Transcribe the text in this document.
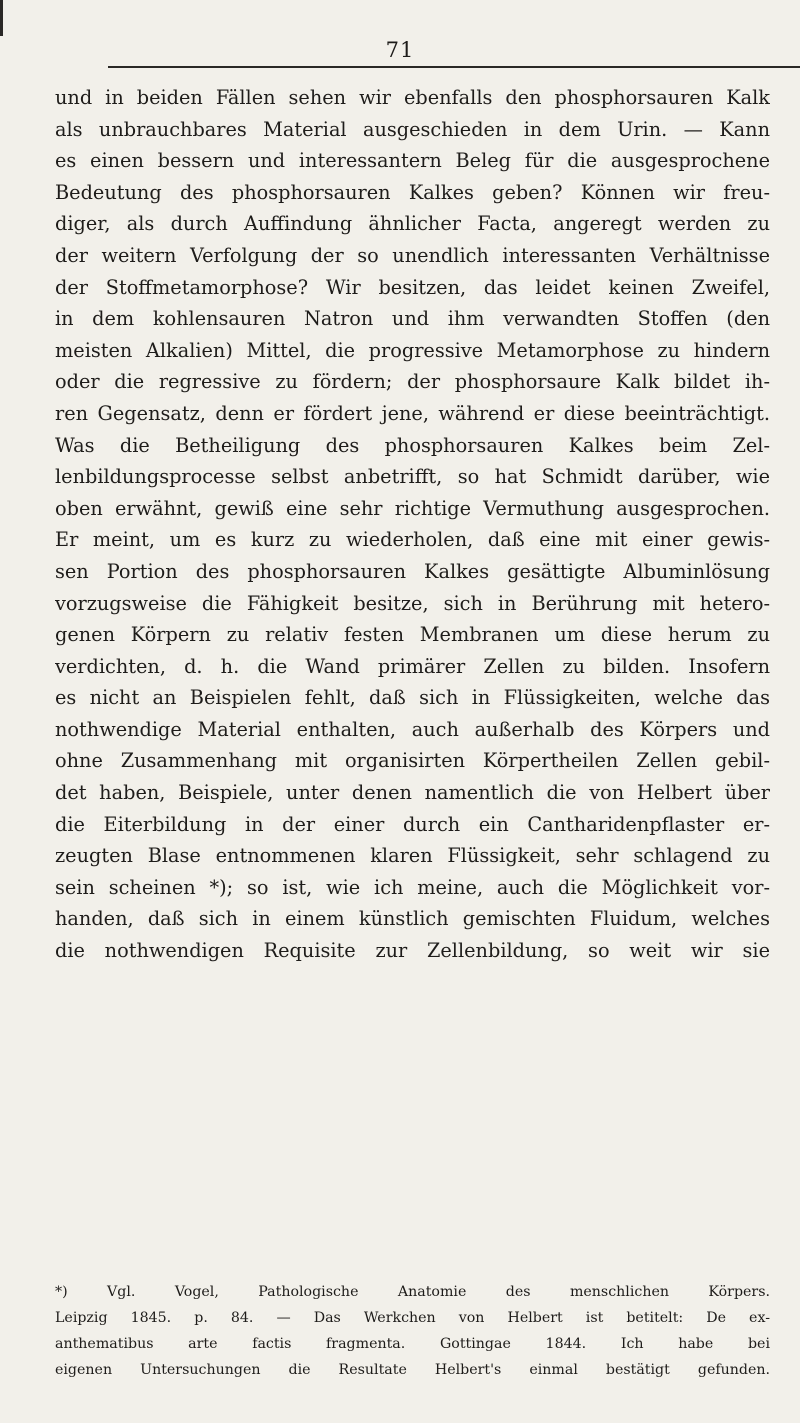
71
und in beiden Fällen sehen wir ebenfalls den phosphorsauren Kalk
als unbrauchbares Material ausgeschieden in dem Urin. — Kann
es einen bessern und interessantern Beleg für die ausgesprochene
Bedeutung des phosphorsauren Kalkes geben? Können wir freu-
diger, als durch Auffindung ähnlicher Facta, angeregt werden zu
der weitern Verfolgung der so unendlich interessanten Verhältnisse
der Stoffmetamorphose? Wir besitzen, das leidet keinen Zweifel,
in dem kohlensauren Natron und ihm verwandten Stoffen (den
meisten Alkalien) Mittel, die progressive Metamorphose zu hindern
oder die regressive zu fördern; der phosphorsaure Kalk bildet ih-
ren Gegensatz, denn er fördert jene, während er diese beeinträchtigt.
Was die Betheiligung des phosphorsauren Kalkes beim Zel-
lenbildungsprocesse selbst anbetrifft, so hat Schmidt darüber, wie
oben erwähnt, gewiß eine sehr richtige Vermuthung ausgesprochen.
Er meint, um es kurz zu wiederholen, daß eine mit einer gewis-
sen Portion des phosphorsauren Kalkes gesättigte Albuminlösung
vorzugsweise die Fähigkeit besitze, sich in Berührung mit hetero-
genen Körpern zu relativ festen Membranen um diese herum zu
verdichten, d. h. die Wand primärer Zellen zu bilden. Insofern
es nicht an Beispielen fehlt, daß sich in Flüssigkeiten, welche das
nothwendige Material enthalten, auch außerhalb des Körpers und
ohne Zusammenhang mit organisirten Körpertheilen Zellen gebil-
det haben, Beispiele, unter denen namentlich die von Helbert über
die Eiterbildung in der einer durch ein Cantharidenpflaster er-
zeugten Blase entnommenen klaren Flüssigkeit, sehr schlagend zu
sein scheinen *); so ist, wie ich meine, auch die Möglichkeit vor-
handen, daß sich in einem künstlich gemischten Fluidum, welches
die nothwendigen Requisite zur Zellenbildung, so weit wir sie
*) Vgl. Vogel, Pathologische Anatomie des menschlichen Körpers.
Leipzig 1845. p. 84. — Das Werkchen von Helbert ist betitelt: De ex-
anthematibus arte factis fragmenta. Gottingae 1844. Ich habe bei
eigenen Untersuchungen die Resultate Helbert's einmal bestätigt gefunden.
